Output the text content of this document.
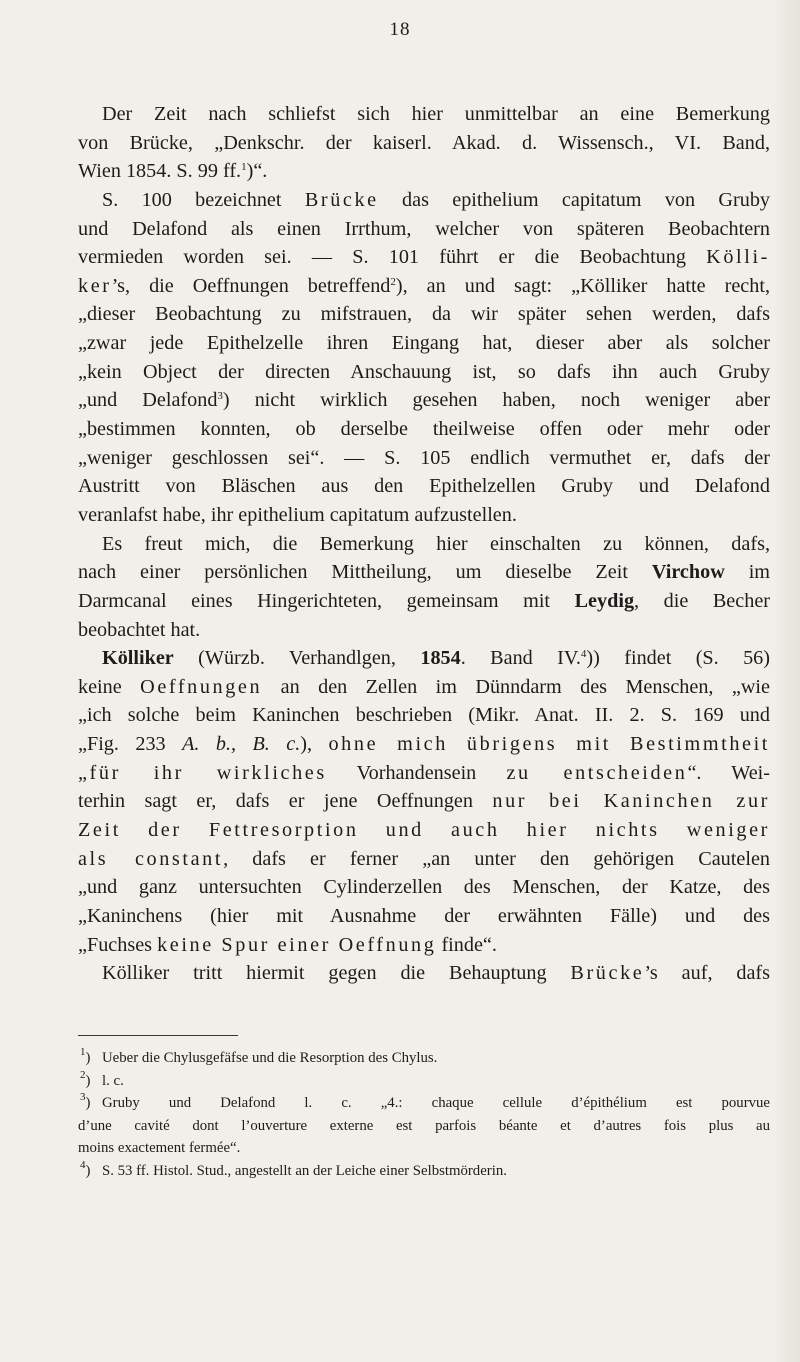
18
Der Zeit nach schliefst sich hier unmittelbar an eine Bemerkung
von Brücke, „Denkschr. der kaiserl. Akad. d. Wissensch., VI. Band,
Wien 1854. S. 99 ff.$^1$)“.
S. 100 bezeichnet Brücke das epithelium capitatum von Gruby
und Delafond als einen Irrthum, welcher von späteren Beobachtern
vermieden worden sei. — S. 101 führt er die Beobachtung Kölli-
ker’s, die Oeffnungen betreffend$^2$), an und sagt: „Kölliker hatte recht,
„dieser Beobachtung zu mifstrauen, da wir später sehen werden, dafs
„zwar jede Epithelzelle ihren Eingang hat, dieser aber als solcher
„kein Object der directen Anschauung ist, so dafs ihn auch Gruby
„und Delafond$^3$) nicht wirklich gesehen haben, noch weniger aber
„bestimmen konnten, ob derselbe theilweise offen oder mehr oder
„weniger geschlossen sei“. — S. 105 endlich vermuthet er, dafs der
Austritt von Bläschen aus den Epithelzellen Gruby und Delafond
veranlafst habe, ihr epithelium capitatum aufzustellen.
Es freut mich, die Bemerkung hier einschalten zu können, dafs,
nach einer persönlichen Mittheilung, um dieselbe Zeit Virchow im
Darmcanal eines Hingerichteten, gemeinsam mit Leydig, die Becher
beobachtet hat.
Kölliker (Würzb. Verhandlgen, 1854. Band IV.$^4$)) findet (S. 56)
keine Oeffnungen an den Zellen im Dünndarm des Menschen, „wie
„ich solche beim Kaninchen beschrieben (Mikr. Anat. II. 2. S. 169 und
„Fig. 233 A. b., B. c.), ohne mich übrigens mit Bestimmtheit
„für ihr wirkliches Vorhandensein zu entscheiden“. Wei-
terhin sagt er, dafs er jene Oeffnungen nur bei Kaninchen zur
Zeit der Fettresorption und auch hier nichts weniger
als constant, dafs er ferner „an unter den gehörigen Cautelen
„und ganz untersuchten Cylinderzellen des Menschen, der Katze, des
„Kaninchens (hier mit Ausnahme der erwähnten Fälle) und des
„Fuchses keine Spur einer Oeffnung finde“.
Kölliker tritt hiermit gegen die Behauptung Brücke’s auf, dafs
$^1$) Ueber die Chylusgefäfse und die Resorption des Chylus.
$^2$) l. c.
$^3$) Gruby und Delafond l. c. „4.: chaque cellule d’épithélium est pourvue
d’une cavité dont l’ouverture externe est parfois béante et d’autres fois plus au
moins exactement fermée“.
$^4$) S. 53 ff. Histol. Stud., angestellt an der Leiche einer Selbstmörderin.
